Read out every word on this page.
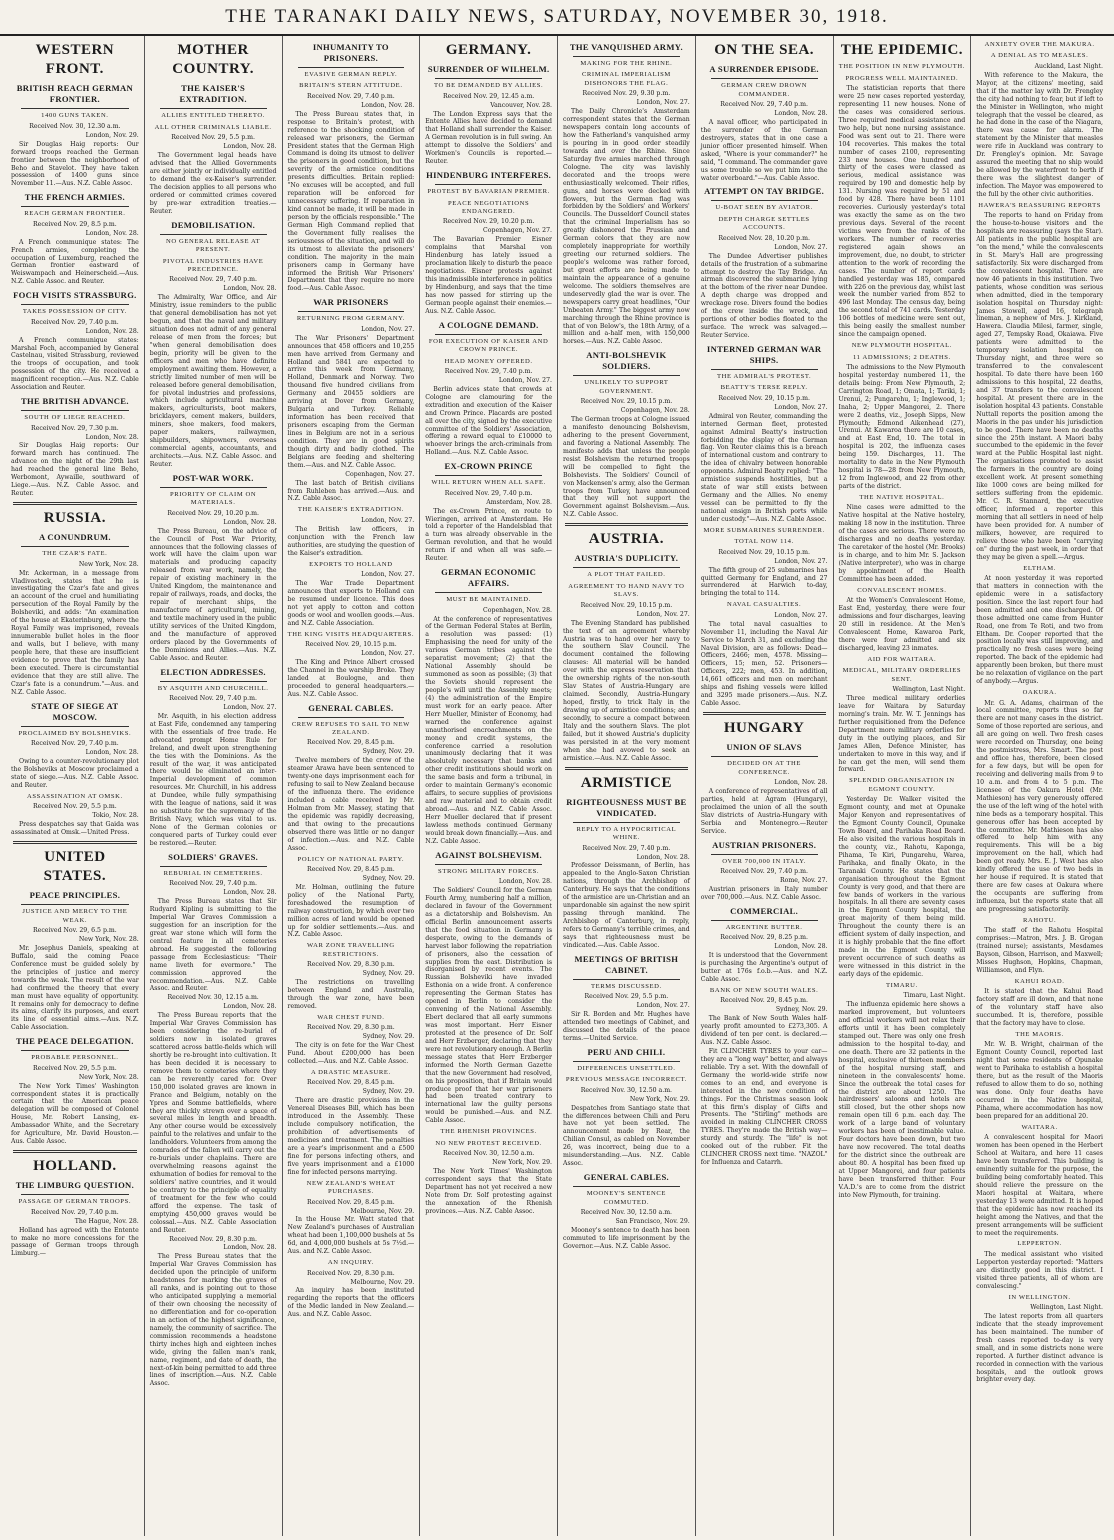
THE TARANAKI DAILY NEWS, SATURDAY, NOVEMBER 30, 1918.
WESTERN FRONT.
BRITISH REACH GERMAN FRONTIER.
1400 GUNS TAKEN.
Received Nov. 30, 12.30 a.m.
London, Nov. 29.
Sir Douglas Haig reports: Our forward troops reached the German frontier between the neighborhood of Beho and Stavelot. They have taken possession of 1400 guns since November 11.—Aus. N.Z. Cable Assoc.
THE FRENCH ARMIES.
REACH GERMAN FRONTIER.
Received Nov. 29, 8.5 p.m.
London, Nov. 28.
A French communique states: The French armies, completing the occupation of Luxemburg, reached the German frontier eastward of Weiswampach and Heinerscheid.—Aus. N.Z. Cable Assoc. and Reuter.
FOCH VISITS STRASSBURG.
TAKES POSSESSION OF CITY.
Received Nov. 29, 7.40 p.m.
London, Nov. 28.
A French communique states: Marshal Foch, accompanied by General Castelnau, visited Strassburg, reviewed the troops of occupation, and took possession of the city. He received a magnificent reception.—Aus. N.Z. Cable Association and Reuter.
THE BRITISH ADVANCE.
SOUTH OF LIEGE REACHED.
Received Nov. 29, 7.30 p.m.
London, Nov. 28.
Sir Douglas Haig reports: Our forward march has continued. The advance on the night of the 29th last had reached the general line Beho, Werbomont, Aywaille, southward of Liege.—Aus. N.Z. Cable Assoc. and Reuter.
RUSSIA.
A CONUNDRUM.
THE CZAR'S FATE.
New York, Nov. 28.
Mr. Ackerman, in a message from Vladivostock, states that he is investigating the Czar's fate and gives an account of the cruel and humiliating persecution of the Royal Family by the Bolsheviki, and adds: "An examination of the house at Ekaterinburg, where the Royal Family was imprisoned, reveals innumerable bullet holes in the floor and walls, but I believe, with many people here, that these are insufficient evidence to prove that the family has been executed. There is circumstantial evidence that they are still alive. The Czar's fate is a conundrum."—Aus. and N.Z. Cable Assoc.
STATE OF SIEGE AT MOSCOW.
PROCLAIMED BY BOLSHEVIKS.
Received Nov. 29, 7.40 p.m.
London, Nov. 28.
Owing to a counter-revolutionary plot the Bolsheviks at Moscow proclaimed a state of siege.—Aus. N.Z. Cable Assoc. and Reuter.
ASSASSINATION AT OMSK.
Received Nov. 29, 5.5 p.m.
Tokio, Nov. 28.
Press despatches say that Gaida was assassinated at Omsk.—United Press.
UNITED STATES.
PEACE PRINCIPLES.
JUSTICE AND MERCY TO THE WEAK.
Received Nov. 29, 6.5 p.m.
New York, Nov. 28.
Mr. Josephus Daniels, speaking at Buffalo, said the coming Peace Conference must be guided solely by the principles of justice and mercy towards the weak. The result of the war had confirmed the theory that every man must have equality of opportunity. It remains only for democracy to define its aims, clarify its purposes, and exert its line of essential aims.—Aus. N.Z. Cable Association.
THE PEACE DELEGATION.
PROBABLE PERSONNEL.
Received Nov. 29, 5.5 p.m.
New York, Nov. 28.
The New York Times' Washington correspondent states it is practically certain that the American peace delegation will be composed of Colonel House, Mr. Robert Lansing, ex-Ambassador White, and the Secretary for Agriculture, Mr. David Houston.—Aus. Cable Assoc.
HOLLAND.
THE LIMBURG QUESTION.
PASSAGE OF GERMAN TROOPS.
Received Nov. 29, 7.40 p.m.
The Hague, Nov. 28.
Holland has agreed with the Entente to make no more concessions for the passage of German troops through Limburg.—
MOTHER COUNTRY.
THE KAISER'S EXTRADITION.
ALLIES ENTITLED THERETO.
ALL OTHER CRIMINALS LIABLE.
Received Nov. 29, 5.5 p.m.
London, Nov. 28.
The Government legal heads have advised that the Allied Governments are either jointly or individually entitled to demand the ex-Kaiser's surrender. The decision applies to all persons who ordered or committed crimes covered by pre-war extradition treaties.—Reuter.
DEMOBILISATION.
NO GENERAL RELEASE AT PRESENT.
PIVOTAL INDUSTRIES HAVE PRECEDENCE.
Received Nov. 29, 7.40 p.m.
London, Nov. 28.
The Admiralty, War Office, and Air Ministry, issue reminders to the public that general demobilisation has not yet begun, and that the naval and military situation does not admit of any general release of men from the forces; but "when general demobilisation does begin, priority will be given to the officers and men who have definite employment awaiting them. However, a strictly limited number of men will be released before general demobilisation, for pivotal industries and professions, which include agricultural machine makers, agriculturists, boot makers, bricklayers, cement makers, builders, miners, shoe makers, food makers, paper makers, railwaymen, shipbuilders, shipowners, overseas commercial agents, accountants, and architects.—Aus. N.Z. Cable Assoc. and Reuter.
POST-WAR WORK.
PRIORITY OF CLAIM ON MATERIALS.
Received Nov. 29, 10.20 p.m.
London, Nov. 28.
The Press Bureau, on the advice of the Council of Post War Priority, announces that the following classes of work will have the claim upon war materials and producing capacity released from war work, namely, the repair of existing machinery in the United Kingdom, the maintenance and repair of railways, roads, and docks, the repair of merchant ships, the manufacture of agricultural, mining, and textile machinery used in the public utility services of the United Kingdom, and the manufacture of approved orders placed by the Governments of the Dominions and Allies.—Aus. N.Z. Cable Assoc. and Reuter.
ELECTION ADDRESSES.
BY ASQUITH AND CHURCHILL.
Received Nov. 29, 7.40 p.m.
London, Nov. 27.
Mr. Asquith, in his election address at East Fife, condemned any tampering with the essentials of free trade. He advocated prompt Home Rule for Ireland, and dwelt upon strengthening the ties with the Dominions. As the result of the war, it was anticipated there would be eliminated an inter-Imperial development of common resources. Mr. Churchill, in his address at Dundee, while fully sympathising with the league of nations, said it was no substitute for the supremacy of the British Navy, which was vital to us. None of the German colonies or conquered parts of Turkey could ever be restored.—Reuter.
SOLDIERS' GRAVES.
REBURIAL IN CEMETERIES.
Received Nov. 29, 7.40 p.m.
London, Nov. 28.
The Press Bureau states that Sir Rudyard Kipling is submitting to the Imperial War Graves Commission a suggestion for an inscription for the great war stone which will form the central feature in all cemeteries abroad. He suggested the following passage from Ecclesiasticus: "Their name liveth for evermore." The commission approved the recommendation.—Aus. N.Z. Cable Assoc. and Reuter.
Received Nov. 30, 12.15 a.m.
London, Nov. 28.
The Press Bureau reports that the Imperial War Graves Commission has been considering the re-burial of soldiers now in isolated graves scattered across battle-fields which will shortly be re-brought into cultivation. It has been decided it is necessary to remove them to cemeteries where they can be reverently cared for. Over 150,000 isolated graves are known in France and Belgium, notably on the Ypres and Somme battlefields, where they are thickly strewn over a space of several miles in length and breadth. Any other course would be excessively painful to the relatives and unfair to the landholders. Volunteers from among the comrades of the fallen will carry out the re-burials under chaplains. There are overwhelming reasons against the exhumation of bodies for removal to the soldiers' native countries, and it would be contrary to the principle of equality of treatment for the few who could afford the expense. The task of emptying 450,000 graves would be colossal.—Aus. N.Z. Cable Association and Reuter.
Received Nov. 29, 8.30 p.m.
London, Nov. 28.
The Press Bureau states that the Imperial War Graves Commission has decided upon the principle of uniform headstones for marking the graves of all ranks, and is pointing out to those who anticipated supplying a memorial of their own choosing the necessity of no differentiation and for co-operation in an action of the highest significance, namely, the community of sacrifice. The commission recommends a headstone thirty inches high and eighteen inches wide, giving the fallen man's rank, name, regiment, and date of death, the next-of-kin being permitted to add three lines of inscription.—Aus. N.Z. Cable Assoc.
INHUMANITY TO PRISONERS.
EVASIVE GERMAN REPLY.
BRITAIN'S STERN ATTITUDE.
Received Nov. 29, 7.40 p.m.
London, Nov. 28.
The Press Bureau states that, in response to Britain's protest, with reference to the shocking condition of released war prisoners, the German President states that the German High Command is doing its utmost to deliver the prisoners in good condition, but the severity of the armistice conditions presents difficulties. Britain replied: "No excuses will be accepted, and full reparation will be enforced for unnecessary suffering. If reparation in kind cannot be made, it will be made in person by the officials responsible." The German High Command replied that the Government fully realises the seriousness of the situation, and will do its utmost to alleviate the prisoners' condition. The majority in the main prisoners camp in Germany have informed the British War Prisoners' Department that they require no more food.—Aus. Cable Assoc.
WAR PRISONERS
RETURNING FROM GERMANY.
London, Nov. 27.
The War Prisoners' Department announces that 458 officers and 10,255 men have arrived from Germany and Holland and 5841 are expected to arrive this week from Germany, Holland, Denmark and Norway. Two thousand five hundred civilians from Germany and 20455 soldiers are arriving at Dover from Germany, Bulgaria and Turkey. Reliable information has been received that prisoners escaping from the German lines in Belgium are not in a serious condition. They are in good spirits though dirty and badly clothed. The Belgians are feeding and sheltering them.—Aus. and N.Z. Cable Assoc.
Copenhagen, Nov. 27.
The last batch of British civilians from Ruhleben has arrived.—Aus. and N.Z. Cable Assoc.
THE KAISER'S EXTRADITION.
London, Nov. 27.
The British law officers, in conjunction with the French law authorities, are studying the question of the Kaiser's extradition.
EXPORTS TO HOLLAND
London, Nov. 27.
The War Trade Department announces that exports to Holland can be resumed under licence. This does not yet apply to cotton and cotton goods or wool and woollen goods.—Aus. and N.Z. Cable Association.
THE KING VISITS HEADQUARTERS.
Received Nov. 29, 10.15 p.m.
London, Nov. 27.
The King and Prince Albert crossed the Channel in the warship Broke. They landed at Boulogne, and then proceeded to general headquarters.—Aus. N.Z. Cable Assoc.
GENERAL CABLES.
CREW REFUSES TO SAIL TO NEW ZEALAND.
Received Nov. 29, 8.45 p.m.
Sydney, Nov. 29.
Twelve members of the crew of the steamer Arawa have been sentenced to twenty-one days imprisonment each for refusing to sail to New Zealand because of the influenza there. The evidence included a cable received by Mr. Holman from Mr. Massey, stating that the epidemic was rapidly decreasing, and that owing to the precautions observed there was little or no danger of infection.—Aus. and N.Z. Cable Assoc.
POLICY OF NATIONAL PARTY.
Received Nov. 29, 8.45 p.m.
Sydney, Nov. 29.
Mr. Holman, outlining the future policy of the National Party, foreshadowed the resumption of railway construction, by which over two million acres of land would be opened up for soldier settlements.—Aus. and N.Z. Cable Assoc.
WAR ZONE TRAVELLING RESTRICTIONS.
Received Nov. 29, 8.30 p.m.
Sydney, Nov. 29.
The restrictions on travelling between England and Australia, through the war zone, have been removed.
WAR CHEST FUND.
Received Nov. 29, 8.30 p.m.
Sydney, Nov. 29.
The city is on fete for the War Chest Fund. About £200,000 has been collected.—Aus. and N.Z. Cable Assoc.
A DRASTIC MEASURE.
Received Nov. 29, 8.45 p.m.
Sydney, Nov. 29.
There are drastic provisions in the Venereal Diseases Bill, which has been introduced in the Assembly. These include compulsory notification, the prohibition of advertisements of medicines and treatment. The penalties are a year's imprisonment and a £500 fine for persons infecting others, and five years imprisonment and a £1000 fine for infected persons marrying.
NEW ZEALAND'S WHEAT PURCHASES.
Received Nov. 29, 8.45 p.m.
Melbourne, Nov. 29.
In the House Mr. Watt stated that New Zealand's purchases of Australian wheat had been 1,100,000 bushels at 5s 6d, and 4,000,000 bushels at 5s 7½d.—Aus. and N.Z. Cable Assoc.
AN INQUIRY.
Received Nov. 29, 8.30 p.m.
Melbourne, Nov. 29.
An inquiry has been instituted regarding the reports that the officers of the Medic landed in New Zealand.—Aus. and N.Z. Cable Assoc.
GERMANY.
SURRENDER OF WILHELM.
TO BE DEMANDED BY ALLIES.
Received Nov. 29, 12.45 a.m.
Vancouver, Nov. 28.
The London Express says that the Entente Allies have decided to demand that Holland shall surrender the Kaiser. A German revolution is in full swing. An attempt to dissolve the Soldiers' and Workmen's Councils is reported.—Reuter.
HINDENBURG INTERFERES.
PROTEST BY BAVARIAN PREMIER.
PEACE NEGOTIATIONS ENDANGERED.
Received Nov. 29, 10.20 p.m.
Copenhagen, Nov. 27.
The Bavarian Premier Eisner complains that Marshal von Hindenburg has lately issued a proclamation likely to disturb the peace negotiations. Eisner protests against this inadmissible interference in politics by Hindenburg, and says that the time has now passed for stirring up the German people against their enemies.—Aus. N.Z. Cable Assoc.
A COLOGNE DEMAND.
FOR EXECUTION OF KAISER AND CROWN PRINCE.
HEAD MONEY OFFERED.
Received Nov. 29, 7.40 p.m.
London, Nov. 27.
Berlin advices state that crowds at Cologne are clamouring for the extradition and execution of the Kaiser and Crown Prince. Placards are posted all over the city, signed by the executive committee of the Soldiers' Association, offering a reward equal to £10000 to whoever brings the arch-criminals from Holland.—Aus. N.Z. Cable Assoc.
EX-CROWN PRINCE
WILL RETURN WHEN ALL SAFE.
Received Nov. 29, 7.40 p.m.
Amsterdam, Nov. 28.
The ex-Crown Prince, en route to Wieringen, arrived at Amsterdam. He told a reporter of the Handelsblad that a turn was already observable in the German revolution, and that he would return if and when all was safe.—Reuter.
GERMAN ECONOMIC AFFAIRS.
MUST BE MAINTAINED.
Copenhagen, Nov. 28.
At the conference of representatives of the German Federal States at Berlin, a resolution was passed: (1) Emphasising the need for unity of the various German tribes against the separatist movement; (2) that the National Assembly should be summoned as soon as possible; (3) that the Soviets should represent the people's will until the Assembly meets; (4) the administration of the Empire must work for an early peace. After Herr Mueller, Minister of Economy, had warned the conference against unauthorised encroachments on the money and credit systems, the conference carried a resolution unanimously declaring that it was absolutely necessary that banks and other credit institutions should work on the same basis and form a tribunal, in order to maintain Germany's economic affairs, to secure supplies of provisions and raw material and to obtain credit abroad.—Aus. and N.Z. Cable Assoc. Herr Mueller declared that if present lawless methods continued Germany would break down financially.—Aus. and N.Z. Cable Assoc.
AGAINST BOLSHEVISM.
STRONG MILITARY FORCES.
London, Nov. 28.
The Soldiers' Council for the German Fourth Army, numbering half a million, declared in favour of the Government as a dictatorship and Bolshevism. An official Berlin announcement asserts that the food situation in Germany is desperate, owing to the demands of harvest labor following the repatriation of prisoners, also the cessation of supplies from the east. Distribution is disorganised by recent events. The Russian Bolsheviki have invaded Esthonia on a wide front. A conference representing the German States has opened in Berlin to consider the convening of the National Assembly. Ebert declared that all early summons was most important. Herr Eisner protested at the presence of Dr. Solf and Herr Erzberger, declaring that they were not revolutionary enough. A Berlin message states that Herr Erzberger informed the North German Gazette that the new Government had resolved, on his proposition, that if Britain would produce proof that her war prisoners had been treated contrary to international law the guilty persons would be punished.—Aus. and N.Z. Cable Assoc.
THE RHENISH PROVINCES.
NO NEW PROTEST RECEIVED.
Received Nov. 30, 12.50 a.m.
New York, Nov. 29.
The New York Times' Washington correspondent says that the State Department has not yet received a new Note from Dr. Solf protesting against the annexation of the Rhenish provinces.—Aus. N.Z. Cable Assoc.
THE VANQUISHED ARMY.
MAKING FOR THE RHINE.
CRIMINAL IMPERIALISM DISHONORS THE FLAG.
Received Nov. 29, 9.30 p.m.
London, Nov. 27.
The Daily Chronicle's Amsterdam correspondent states that the German newspapers contain long accounts of how the Fatherland's vanquished army is pouring in in good order steadily towards and over the Rhine. Since Saturday five armies marched through Cologne. The city was lavishly decorated and the troops were enthusiastically welcomed. Their rifles, guns, and horses were decked with flowers, but the German flag was forbidden by the Soldiers' and Workers' Councils. The Dusseldorf Council states that the criminal Imperialism has so greatly dishonored the Prussian and German colors that they are now completely inappropriate for worthily greeting our returned soldiers. The people's welcome was rather forced, but great efforts are being made to maintain the appearance of a genuine welcome. The soldiers themselves are undeservedly glad the war is over. The newspapers carry great headlines, "Our Unbeaten Army." The biggest army now marching through the Rhine province is that of von Below's, the 18th Army, of a million and a-half men, with 150,000 horses.—Aus. N.Z. Cable Assoc.
ANTI-BOLSHEVIK SOLDIERS.
UNLIKELY TO SUPPORT GOVERNMENT.
Received Nov. 29, 10.15 p.m.
Copenhagen, Nov. 28.
The German troops at Cologne issued a manifesto denouncing Bolshevism, adhering to the present Government, and favoring a National Assembly. The manifesto adds that unless the people resist Bolshevism the returned troops will be compelled to fight the Bolshevists. The Soldiers' Council of von Mackensen's army, also the German troops from Turkey, have announced that they will not support the Government against Bolshevism.—Aus. N.Z. Cable Assoc.
AUSTRIA.
AUSTRIA'S DUPLICITY.
A PLOT THAT FAILED.
AGREEMENT TO HAND NAVY TO SLAVS.
Received Nov. 29, 10.15 p.m.
London, Nov. 27.
The Evening Standard has published the text of an agreement whereby Austria was to hand over her navy to the southern Slav Council. The document contained the following clauses: All material will be handed over with the express reservation that the ownership rights of the non-south Slav States of Austria-Hungary are claimed. Secondly, Austria-Hungary hoped, firstly, to trick Italy in the drawing up of armistice conditions; and secondly, to secure a compact between Italy and the southern Slavs. The plot failed, but it showed Austria's duplicity was persisted in at the very moment when she had avowed to seek an armistice.—Aus. N.Z. Cable Assoc.
ARMISTICE
RIGHTEOUSNESS MUST BE VINDICATED.
REPLY TO A HYPOCRITICAL WHINE.
Received Nov. 29, 7.40 p.m.
London, Nov. 28.
Professor Deissmann, of Berlin, has appealed to the Anglo-Saxon Christian nations, through the Archbishop of Canterbury. He says that the conditions of the armistice are un-Christian and an unpardonable sin against the new spirit passing through mankind. The Archbishop of Canterbury, in reply, refers to Germany's terrible crimes, and says that righteousness must be vindicated.—Aus. Cable Assoc.
MEETINGS OF BRITISH CABINET.
TERMS DISCUSSED.
Received Nov. 29, 5.5 p.m.
London, Nov. 27.
Sir R. Borden and Mr. Hughes have attended two meetings of Cabinet, and discussed the details of the peace terms.—United Service.
PERU AND CHILI.
DIFFERENCES UNSETTLED.
PREVIOUS MESSAGE INCORRECT.
Received Nov. 30, 12.50 a.m.
New York, Nov. 29.
Despatches from Santiago state that the differences between Chili and Peru have not yet been settled. The announcement made by Rear, the Chilian Consul, as cabled on November 26, was incorrect, being due to a misunderstanding.—Aus. N.Z. Cable Assoc.
GENERAL CABLES.
MOONEY'S SENTENCE COMMUTED.
Received Nov. 30, 12.50 a.m.
San Francisco, Nov. 29.
Mooney's sentence to death has been commuted to life imprisonment by the Governor.—Aus. N.Z. Cable Assoc.
ON THE SEA.
A SURRENDER EPISODE.
GERMAN CREW DROWN COMMANDER.
Received Nov. 29, 7.40 p.m.
London, Nov. 28.
A naval officer, who participated in the surrender of the German destroyers, states that in one case a junior officer presented himself. When asked, "Where is your commander?" he said, "I command. The commander gave us some trouble so we put him into the water overboard."—Aus. Cable Assoc.
ATTEMPT ON TAY BRIDGE.
U-BOAT SEEN BY AVIATOR.
DEPTH CHARGE SETTLES ACCOUNTS.
Received Nov. 28, 10.20 p.m.
London, Nov. 27.
The Dundee Advertiser publishes details of the frustration of a submarine attempt to destroy the Tay Bridge. An airman discovered the submarine lying at the bottom of the river near Dundee. A depth charge was dropped and wreckage rose. Divers found the bodies of the crew inside the wreck, and portions of other bodies floated to the surface. The wreck was salvaged.—Reuter Service.
INTERNED GERMAN WAR SHIPS.
THE ADMIRAL'S PROTEST.
BEATTY'S TERSE REPLY.
Received Nov. 29, 10.15 p.m.
London, Nov. 27.
Admiral von Reuter, commanding the interned German fleet, protested against Admiral Beatty's instruction forbidding the display of the German flag. Von Reuter claims this is a breach of international custom and contrary to the idea of chivalry between honorable opponents. Admiral Beatty replied: "The armistice suspends hostilities, but a state of war still exists between Germany and the Allies. No enemy vessel can be permitted to fly the national ensign in British ports while under custody."—Aus. N.Z. Cable Assoc.
MORE SUBMARINES SURRENDER.
TOTAL NOW 114.
Received Nov. 29, 10.15 p.m.
London, Nov. 27.
The fifth group of 25 submarines has quitted Germany for England, and 27 surrendered at Harwich to-day, bringing the total to 114.
NAVAL CASUALTIES.
London, Nov. 27.
The total naval casualties to November 11, including the Naval Air Service to March 31, and excluding the Naval Division, are as follows: Dead—Officers, 2466; men, 4578. Missing—Officers, 15; men, 52. Prisoners—Officers, 222; men, 453. In addition, 14,661 officers and men on merchant ships and fishing vessels were killed and 3295 made prisoners.—Aus. N.Z. Cable Assoc.
HUNGARY
UNION OF SLAVS
DECIDED ON AT THE CONFERENCE.
London, Nov. 28.
A conference of representatives of all parties, held at Agram (Hungary), proclaimed the union of all the south Slav districts of Austria-Hungary with Serbia and Montenegro.—Reuter Service.
AUSTRIAN PRISONERS.
OVER 700,000 IN ITALY.
Received Nov. 29, 7.40 p.m.
Rome, Nov. 27.
Austrian prisoners in Italy number over 700,000.—Aus. N.Z. Cable Assoc.
COMMERCIAL.
ARGENTINE BUTTER.
Received Nov. 29, 8.25 p.m.
London, Nov. 28.
It is understood that the Government is purchasing the Argentine's output of butter at 176s f.o.b.—Aus. and N.Z. Cable Assoc.
BANK OF NEW SOUTH WALES.
Received Nov. 29, 8.45 p.m.
Sydney, Nov. 29.
The Bank of New South Wales half-yearly profit amounted to £273,305. A dividend of ten per cent. is declared.—Aus. N.Z. Cable Assoc.
Fit CLINCHER TYRES to your car—they are a "long way" better, and always reliable. Try a set. With the downfall of Germany the world-wide strife now comes to an end, and everyone is interested in the new condition of things. For the Christmas season look at this firm's display of Gifts and Presents. The "Stirling" methods are avoided in making CLINCHER CROSS TYRES. They're made the British way—sturdy and sturdy. The "life" is not cooked out of the rubber. Fit the CLINCHER CROSS next time. "NAZOL" for Influenza and Catarrh.
THE EPIDEMIC.
THE POSITION IN NEW PLYMOUTH.
PROGRESS WELL MAINTAINED.
The statistician reports that there were 25 new cases reported yesterday, representing 11 new houses. None of the cases was considered serious. Three required medical assistance and two help, but none nursing assistance. Food was sent out to 21. There were 104 recoveries. This makes the total number of cases 2100, representing 233 new houses. One hundred and thirty of the cases were classed as serious, medical assistance was required by 190 and domestic help by 131. Nursing was required by 51 and food by 428. There have been 1101 recoveries. Curiously yesterday's total was exactly the same as on the two previous days. Several of the recent victims were from the ranks of the workers. The number of recoveries registered again shows an improvement, due, no doubt, to stricter attention to the work of recording the cases. The number of report cards handled yesterday was 185, compared with 226 on the previous day, whilst last week the number varied from 852 to 496 last Monday. The census day, being the second total of 741 cards. Yesterday 106 bottles of medicine were sent out, this being easily the smallest number since the campaign opened.
NEW PLYMOUTH HOSPITAL.
11 ADMISSIONS; 2 DEATHS.
The admissions to the New Plymouth hospital yesterday numbered 11, the details being: From New Plymouth, 2; Carrington Road, 1; Omata, 1; Tariki, 1; Urenui, 2; Pungarehu, 1; Inglewood, 1; Inaha, 2; Upper Mangorei, 2. There were 2 deaths, viz., Joseph Sipps, New Plymouth; Edmond Aikenhead (27), Urenui. At Kawaroa there are 10 cases, and at East End, 10. The total in hospital is 202, the influenza cases being 159. Discharges, 11. The mortality to date in the New Plymouth hospital is 78—28 from New Plymouth, 12 from Inglewood, and 22 from other parts of the district.
THE NATIVE HOSPITAL.
Nine cases were admitted to the Native hospital at the Native hostelry, making 18 now in the institution. Three of the cases are serious. There were no discharges and no deaths yesterday. The caretaker of the hostel (Mr. Brooks) is in charge, and to him Mr. S. Jackson (Native interpreter), who was in charge by appointment of the Health Committee has been added.
CONVALESCENT HOMES.
At the Women's Convalescent Home, East End, yesterday, there were four admissions and four discharges, leaving 20 still in residence. At the Men's Convalescent Home, Kawaroa Park, there were four admitted and six discharged, leaving 23 inmates.
AID FOR WAITARA.
MEDICAL, MILITARY ORDERLIES SENT.
Wellington, Last Night.
Three medical military orderlies leave for Waitara by Saturday morning's train. Mr. W. T. Jennings has further requisitioned from the Defence Department more military orderlies for duty in the outlying places, and Sir James Allen, Defence Minister, has undertaken to move in this way, and if he can get the men, will send them forward.
SPLENDID ORGANISATION IN EGMONT COUNTY.
Yesterday Dr. Walker visited the Egmont county, and met at Opunake Major Kenyon and representatives of the Egmont County Council, Opunake Town Board, and Parihaka Road Board. He also visited the various hospitals in the county, viz., Rahotu, Kaponga, Pihama, Te Kiri, Pungarehu, Warea, Parihaka, and finally Okato, in the Taranaki County. He states that the organisation throughout the Egmont County is very good, and that there are few bands of workers in the various hospitals. In all there are seventy cases in the Egmont County hospital, the great majority of them being mild. Throughout the county there is an efficient system of daily inspection, and it is highly probable that the fine effort made in the Egmont County will prevent occurrence of such deaths as were witnessed in this district in the early days of the epidemic.
TIMARU.
Timaru, Last Night.
The influenza epidemic here shows a marked improvement, but volunteers and official workers will not relax their efforts until it has been completely stamped out. There was only one fresh admission to the hospital to-day, and one death. There are 32 patients in the hospital, exclusive of thirteen members of the hospital nursing staff, and nineteen in the convalescents' home. Since the outbreak the total cases for the district are about 1250. The hairdressers' saloons and hotels are still closed, but the other shops now remain open till 6 p.m. each day. The work of a large band of voluntary workers has been of inestimable value. Four doctors have been down, but two have now recovered. The total deaths for the district since the outbreak are about 80. A hospital has been fixed up at Upper Mangorei, and four patients have been transferred thither. Four V.A.D.'s are to come from the district into New Plymouth, for training.
ANXIETY OVER THE MAKURA.
A DENIAL AS TO MEASLES.
Auckland, Last Night.
With reference to the Makura, the Mayor, at the citizens' meeting, said that if the matter lay with Dr. Frengley the city had nothing to fear, but if left to the Minister in Wellington, who might telegraph that the vessel be cleared, as he had done in the case of the Niagara, there was cause for alarm. The statement by the Minister that measles were rife in Auckland was contrary to Dr. Frengley's opinion. Mr. Savage assured the meeting that no ship would be allowed by the waterfront to berth if there was the slightest danger of infection. The Mayor was empowered to the full by the other civic authorities.
HAWERA'S REASSURING REPORTS
The reports to hand on Friday from the house-to-house visitors and the hospitals are reassuring (says the Star). All patients in the public hospital are "on the mend," while the convalescents in St. Mary's Hall are progressing satisfactorily. Six were discharged from the convalescent hospital. There are now 46 patients in this institution. Two patients, whose condition was serious when admitted, died in the temporary isolation hospital on Thursday night: James Stowell, aged 16, telegraph lineman, a nephew of Mrs. J. Kirkland, Hawera. Claudia Milesi, farmer, single, aged 27, Tempsky Road, Okaiawa. Five patients were admitted to the temporary isolation hospital on Thursday night, and three were so transferred to the convalescent hospital. To date there have been 160 admissions to this hospital, 22 deaths, and 37 transfers to the convalescent hospital. At present there are in the isolation hospital 43 patients. Constable Nuttall reports the position among the Maoris in the pas under his jurisdiction to be good. There have been no deaths since the 25th instant. A Maori baby succumbed to the epidemic in the fever ward at the Public Hospital last night. The organisations promoted to assist the farmers in the country are doing excellent work. At present something like 1000 cows are being milked for settlers suffering from the epidemic. Mr. C. R. Stannard, the executive officer, informed a reporter this morning that all settlers in need of help have been provided for. A number of milkers, however, are required to relieve those who have been "carrying on" during the past week, in order that they may be given a spell.—Argus.
ELTHAM.
At noon yesterday it was reported that matters in connection with the epidemic were in a satisfactory position. Since the last report four had been admitted and one discharged. Of those admitted one came from Hunter Road, one from Te Roti, and two from Eltham. Dr. Cooper reported that the position locally was still improving, and practically no fresh cases were being reported. The back of the epidemic had apparently been broken, but there must be no relaxation of vigilance on the part of anybody.—Argus.
OAKURA.
Mr. G. A. Adams, chairman of the local committee, reports thus so far there are not many cases in the district. Some of those reported are serious, and all are going on well. Two fresh cases were recorded on Thursday, one being the postmistress, Mrs. Smart. The post and office has, therefore, been closed for a few days, but will be open for receiving and delivering mails from 9 to 10 a.m. and from 4 to 5 p.m. The licensee of the Oakura Hotel (Mr. Mathieson) has very generously offered the use of the left wing of the hotel with nine beds as a temporary hospital. This generous offer has been accepted by the committee. Mr. Mathieson has also offered to help him with any requirements. This will be a big improvement on the hall, which had been got ready. Mrs. E. J. West has also kindly offered the use of two beds in her house if required. It is stated that there are few cases at Oakura where the occupants are suffering from influenza, but the reports state that all are progressing satisfactorily.
RAHOTU.
The staff of the Rahotu Hospital comprises:—Matron, Mrs. J. B. Grogan (trained nurse); assistants, Mesdames Bayson, Gibson, Harrison, and Maxwell; Misses Hughson, Hopkins, Chapman, Williamson, and Flyn.
KAHUI ROAD.
It is stated that the Kahui Road factory staff are ill down, and that none of the voluntary staff have also succumbed. It is, therefore, possible that the factory may have to close.
THE MAORIS.
Mr. W. B. Wright, chairman of the Egmont County Council, reported last night that some residents of Opunake went to Parihaka to establish a hospital there, but as the result of the Maoris refused to allow them to do so, nothing was done. Only four deaths have occurred in the Native hospital, Pihama, where accommodation has now been prepared for an additional 20.
WAITARA.
A convalescent hospital for Maori women has been opened in the Herbert School at Waitara, and here 11 cases have been transferred. This building is eminently suitable for the purpose, the building being comfortably heated. This should relieve the pressure on the Maori hospital at Waitara, where yesterday 13 were admitted. It is hoped that the epidemic has now reached its height among the Natives, and that the present arrangements will be sufficient to meet the requirements.
LEPPERTON.
The medical assistant who visited Lepperton yesterday reported: "Matters are distinctly good in this district. I visited three patients, all of whom are convalescing."
IN WELLINGTON.
Wellington, Last Night.
The latest reports from all quarters indicate that the steady improvement has been maintained. The number of fresh cases reported to-day is very small, and in some districts none were reported. A further distinct advance is recorded in connection with the various hospitals, and the outlook grows brighter every day.
